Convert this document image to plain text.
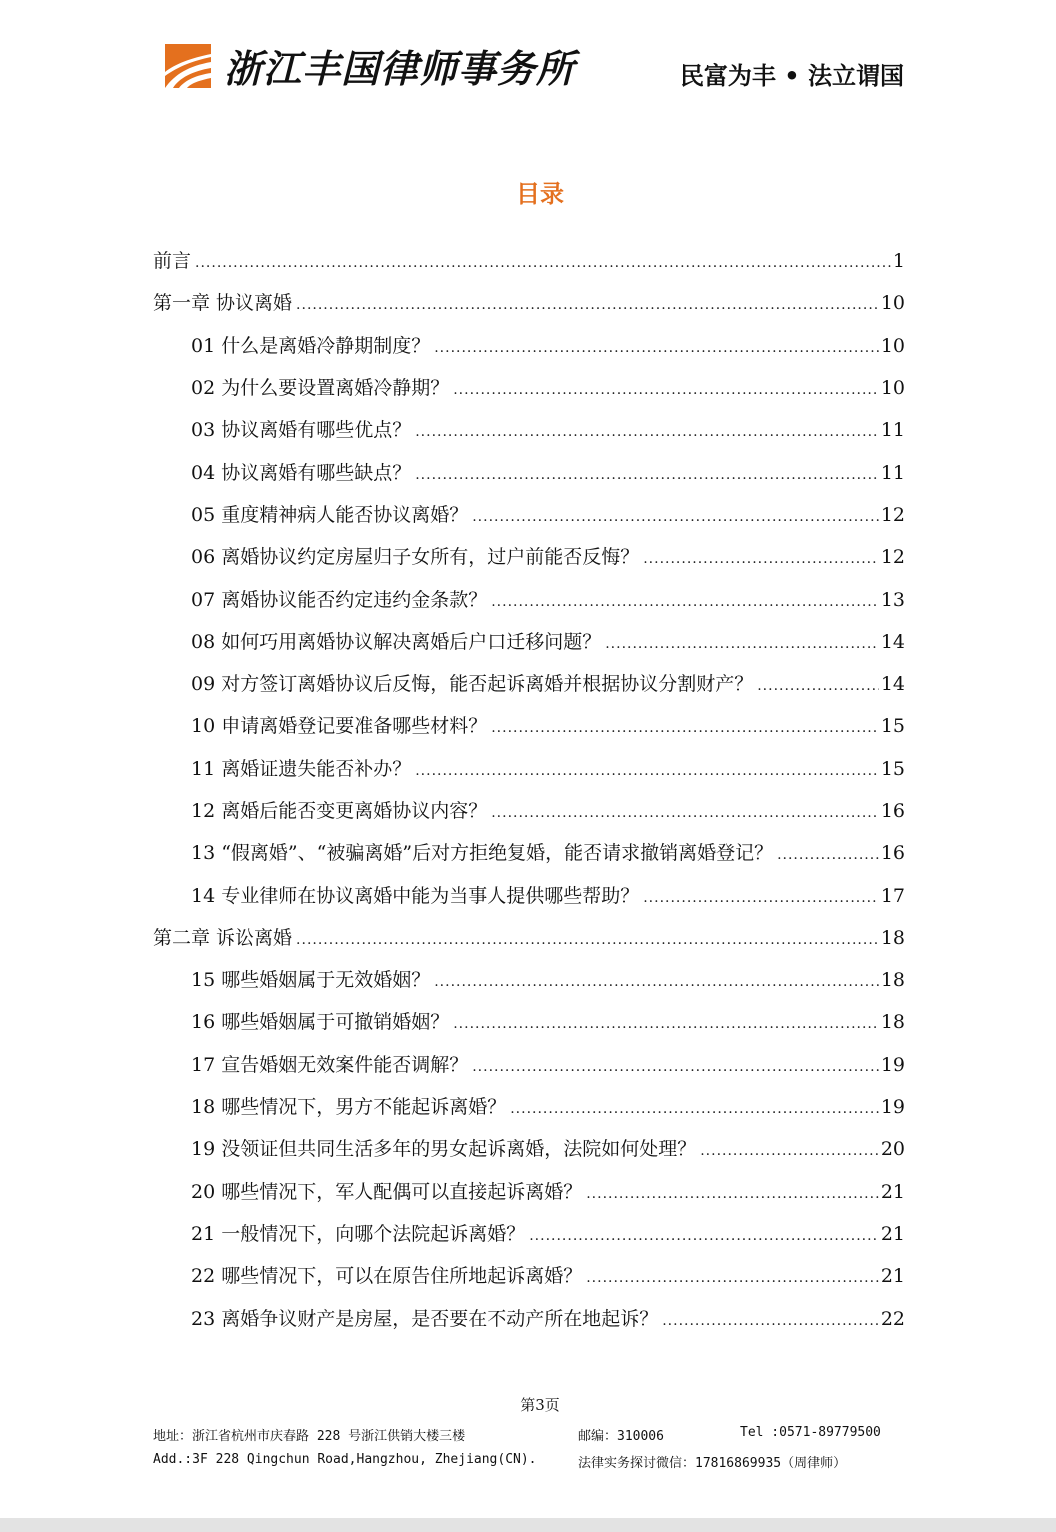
浙江丰国律师事务所	民富为丰 • 法立谓国
目录
前言 .....	1
第一章 协议离婚 .....	10
01 什么是离婚冷静期制度？ .....	10
02 为什么要设置离婚冷静期？ .....	10
03 协议离婚有哪些优点？ .....	11
04 协议离婚有哪些缺点？ .....	11
05 重度精神病人能否协议离婚？ .....	12
06 离婚协议约定房屋归子女所有，过户前能否反悔？ .....	12
07 离婚协议能否约定违约金条款？ .....	13
08 如何巧用离婚协议解决离婚后户口迁移问题？ .....	14
09 对方签订离婚协议后反悔，能否起诉离婚并根据协议分割财产？ .....	14
10 申请离婚登记要准备哪些材料？ .....	15
11 离婚证遗失能否补办？ .....	15
12 离婚后能否变更离婚协议内容？ .....	16
13 “假离婚”、“被骗离婚”后对方拒绝复婚，能否请求撤销离婚登记？ .....	16
14 专业律师在协议离婚中能为当事人提供哪些帮助？ .....	17
第二章 诉讼离婚 .....	18
15 哪些婚姻属于无效婚姻？ .....	18
16 哪些婚姻属于可撤销婚姻？ .....	18
17 宣告婚姻无效案件能否调解？ .....	19
18 哪些情况下，男方不能起诉离婚？ .....	19
19 没领证但共同生活多年的男女起诉离婚，法院如何处理？ .....	20
20 哪些情况下，军人配偶可以直接起诉离婚？ .....	21
21 一般情况下，向哪个法院起诉离婚？ .....	21
22 哪些情况下，可以在原告住所地起诉离婚？ .....	21
23 离婚争议财产是房屋，是否要在不动产所在地起诉？ .....	22
第3页
地址：浙江省杭州市庆春路 228 号浙江供销大楼三楼	邮编：310006	Tel :0571-89779500
Add.:3F 228 Qingchun Road,Hangzhou, Zhejiang(CN).	法律实务探讨微信：17816869935（周律师）
